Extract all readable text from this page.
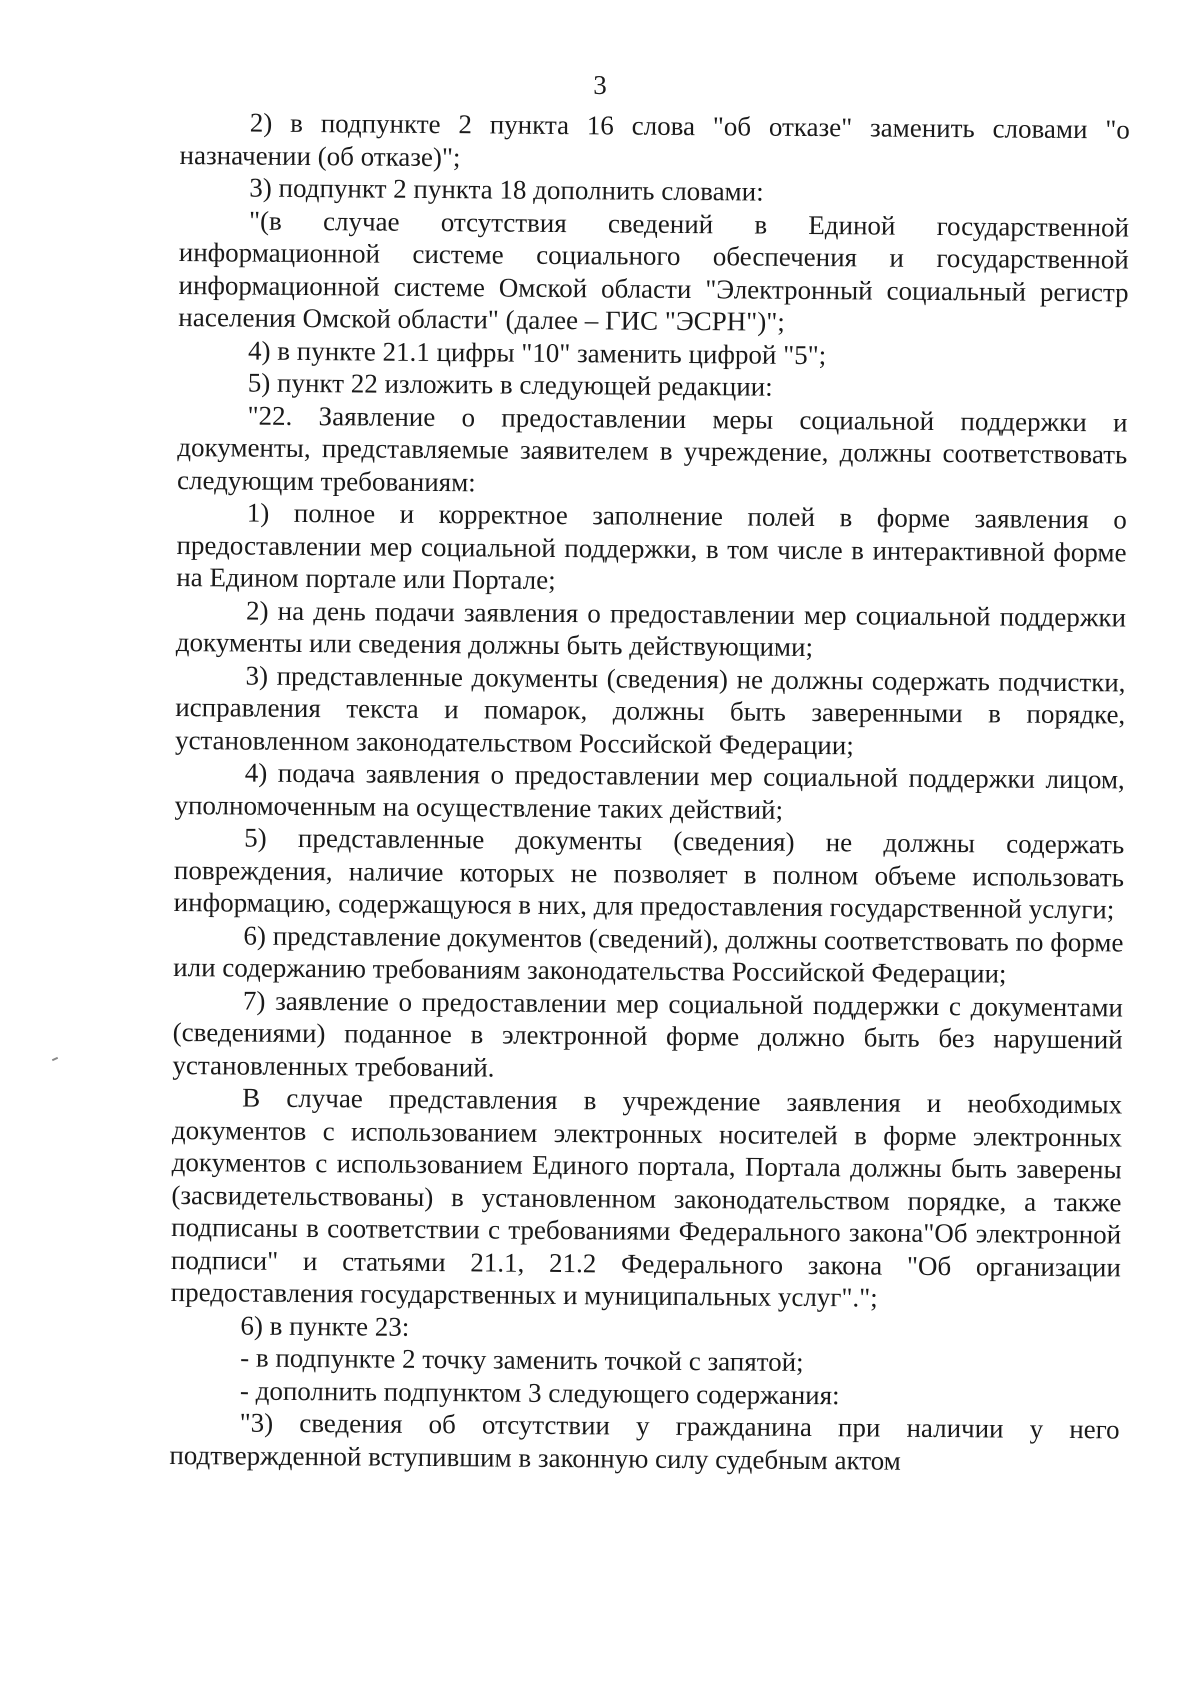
3

2) в подпункте 2 пункта 16 слова "об отказе" заменить словами "о назначении (об отказе)";

3) подпункт 2 пункта 18 дополнить словами:

"(в случае отсутствия сведений в Единой государственной информационной системе социального обеспечения и государственной информационной системе Омской области "Электронный социальный регистр населения Омской области" (далее – ГИС "ЭСРН")";

4) в пункте 21.1 цифры "10" заменить цифрой "5";

5) пункт 22 изложить в следующей редакции:

"22. Заявление о предоставлении меры социальной поддержки и документы, представляемые заявителем в учреждение, должны соответствовать следующим требованиям:

1) полное и корректное заполнение полей в форме заявления о предоставлении мер социальной поддержки, в том числе в интерактивной форме на Едином портале или Портале;

2) на день подачи заявления о предоставлении мер социальной поддержки документы или сведения должны быть действующими;

3) представленные документы (сведения) не должны содержать подчистки, исправления текста и помарок, должны быть заверенными в порядке, установленном законодательством Российской Федерации;

4) подача заявления о предоставлении мер социальной поддержки лицом, уполномоченным на осуществление таких действий;

5) представленные документы (сведения) не должны содержать повреждения, наличие которых не позволяет в полном объеме использовать информацию, содержащуюся в них, для предоставления государственной услуги;

6) представление документов (сведений), должны соответствовать по форме или содержанию требованиям законодательства Российской Федерации;

7) заявление о предоставлении мер социальной поддержки с документами (сведениями) поданное в электронной форме должно быть без нарушений установленных требований.

В случае представления в учреждение заявления и необходимых документов с использованием электронных носителей в форме электронных документов с использованием Единого портала, Портала должны быть заверены (засвидетельствованы) в установленном законодательством порядке, а также подписаны в соответствии с требованиями Федерального закона"Об электронной подписи" и статьями 21.1, 21.2 Федерального закона "Об организации предоставления государственных и муниципальных услуг".";

6) в пункте 23:

- в подпункте 2 точку заменить точкой с запятой;

- дополнить подпунктом 3 следующего содержания:

"3) сведения об отсутствии у гражданина при наличии у него подтвержденной вступившим в законную силу судебным актом
